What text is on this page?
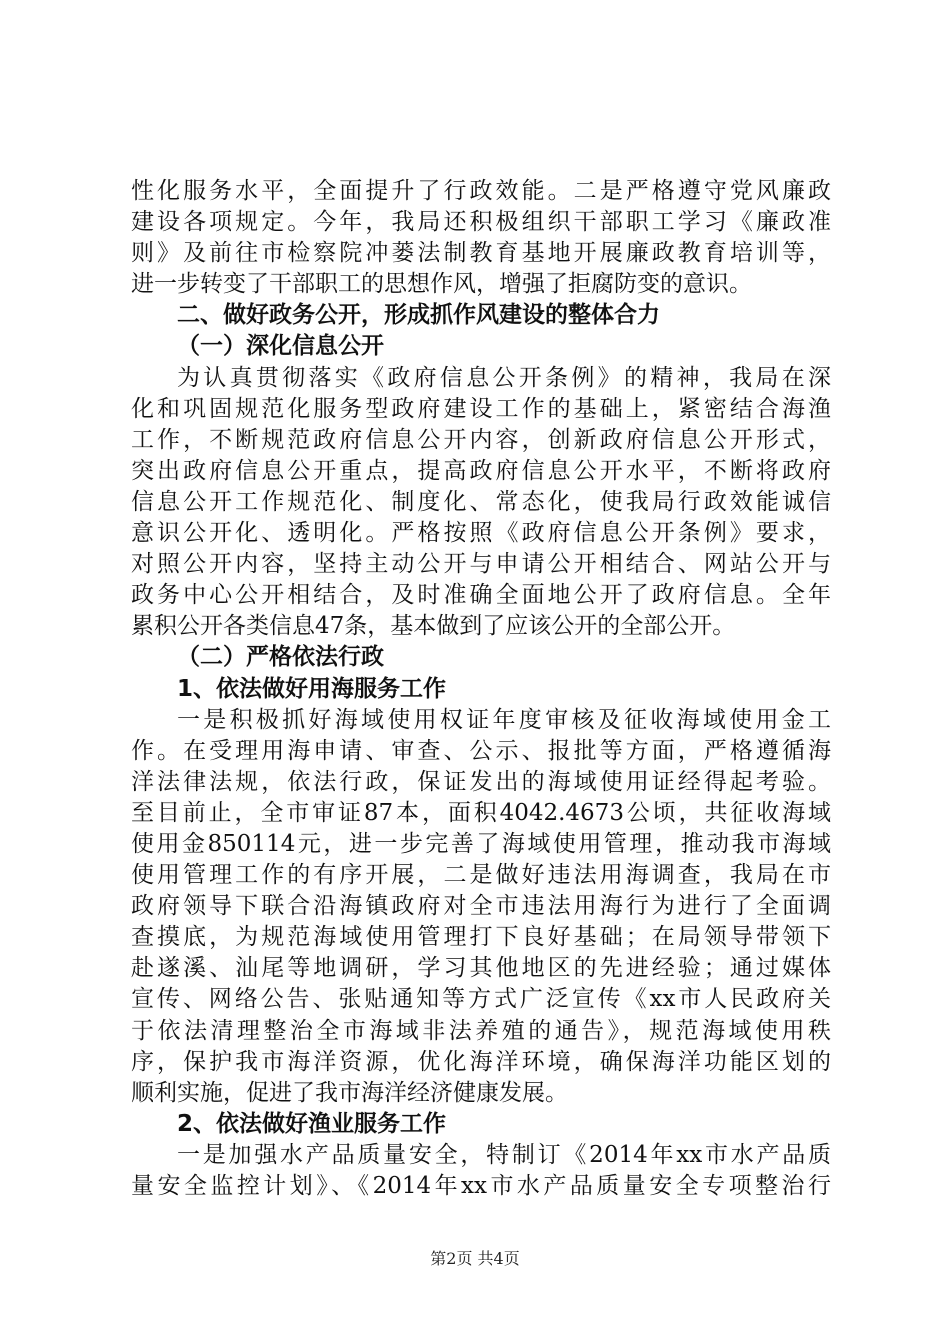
性化服务水平，全面提升了行政效能。二是严格遵守党风廉政
建设各项规定。今年，我局还积极组织干部职工学习《廉政准
则》及前往市检察院冲蒌法制教育基地开展廉政教育培训等，
进一步转变了干部职工的思想作风，增强了拒腐防变的意识。
二、做好政务公开，形成抓作风建设的整体合力
（一）深化信息公开
为认真贯彻落实《政府信息公开条例》的精神，我局在深
化和巩固规范化服务型政府建设工作的基础上，紧密结合海渔
工作，不断规范政府信息公开内容，创新政府信息公开形式，
突出政府信息公开重点，提高政府信息公开水平，不断将政府
信息公开工作规范化、制度化、常态化，使我局行政效能诚信
意识公开化、透明化。严格按照《政府信息公开条例》要求，
对照公开内容，坚持主动公开与申请公开相结合、网站公开与
政务中心公开相结合，及时准确全面地公开了政府信息。全年
累积公开各类信息47条，基本做到了应该公开的全部公开。
（二）严格依法行政
1、依法做好用海服务工作
一是积极抓好海域使用权证年度审核及征收海域使用金工
作。在受理用海申请、审查、公示、报批等方面，严格遵循海
洋法律法规，依法行政，保证发出的海域使用证经得起考验。
至目前止，全市审证87本，面积4042.4673公顷，共征收海域
使用金850114元，进一步完善了海域使用管理，推动我市海域
使用管理工作的有序开展，二是做好违法用海调查，我局在市
政府领导下联合沿海镇政府对全市违法用海行为进行了全面调
查摸底，为规范海域使用管理打下良好基础；在局领导带领下
赴遂溪、汕尾等地调研，学习其他地区的先进经验；通过媒体
宣传、网络公告、张贴通知等方式广泛宣传《xx市人民政府关
于依法清理整治全市海域非法养殖的通告》，规范海域使用秩
序，保护我市海洋资源，优化海洋环境，确保海洋功能区划的
顺利实施，促进了我市海洋经济健康发展。
2、依法做好渔业服务工作
一是加强水产品质量安全，特制订《2014年xx市水产品质
量安全监控计划》、《2014年xx市水产品质量安全专项整治行
第2页 共4页
